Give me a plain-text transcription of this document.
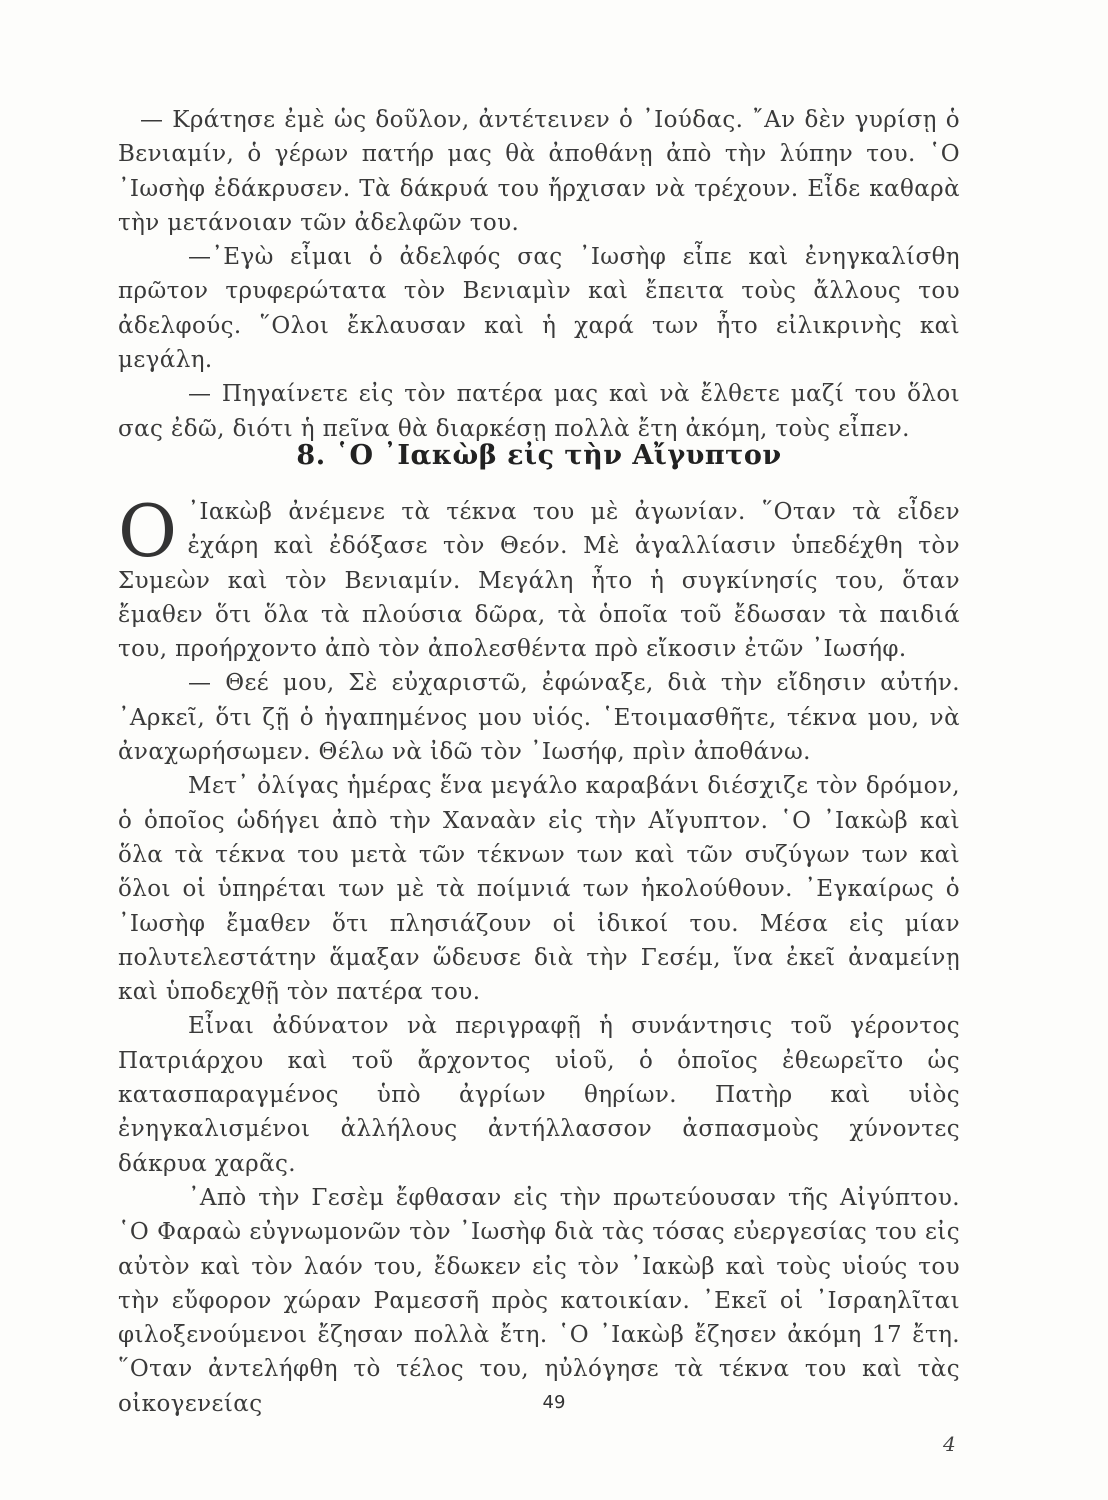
— Κράτησε ἐμὲ ὡς δοῦλον, ἀντέτεινεν ὁ ᾿Ιούδας. ῎Αν δὲν γυρίσῃ ὁ Βενιαμίν, ὁ γέρων πατήρ μας θὰ ἀποθάνῃ ἀπὸ τὴν λύπην του. ῾Ο ᾿Ιωσὴφ ἐδάκρυσεν. Τὰ δάκρυά του ἤρχισαν νὰ τρέχουν. Εἶδε καθαρὰ τὴν μετάνοιαν τῶν ἀδελφῶν του.

—᾿Εγὼ εἶμαι ὁ ἀδελφός σας ᾿Ιωσὴφ εἶπε καὶ ἐνηγκαλίσθη πρῶτον τρυφερώτατα τὸν Βενιαμὶν καὶ ἔπειτα τοὺς ἄλλους του ἀδελφούς. ῞Ολοι ἔκλαυσαν καὶ ἡ χαρά των ἦτο εἰλικρινὴς καὶ μεγάλη.

— Πηγαίνετε εἰς τὸν πατέρα μας καὶ νὰ ἔλθετε μαζί του ὅλοι σας ἐδῶ, διότι ἡ πεῖνα θὰ διαρκέσῃ πολλὰ ἔτη ἀκόμη, τοὺς εἶπεν.

8. ῾Ο ᾿Ιακὼβ εἰς τὴν Αἴγυπτον

Ο ᾿Ιακὼβ ἀνέμενε τὰ τέκνα του μὲ ἀγωνίαν. ῞Οταν τὰ εἶδεν ἐχάρη καὶ ἐδόξασε τὸν Θεόν. Μὲ ἀγαλλίασιν ὑπεδέχθη τὸν Συμεὼν καὶ τὸν Βενιαμίν. Μεγάλη ἦτο ἡ συγκίνησίς του, ὅταν ἔμαθεν ὅτι ὅλα τὰ πλούσια δῶρα, τὰ ὁποῖα τοῦ ἔδωσαν τὰ παιδιά του, προήρχοντο ἀπὸ τὸν ἀπολεσθέντα πρὸ εἴκοσιν ἐτῶν ᾿Ιωσήφ.

— Θεέ μου, Σὲ εὐχαριστῶ, ἐφώναξε, διὰ τὴν εἴδησιν αὐτήν. ᾿Αρκεῖ, ὅτι ζῇ ὁ ἠγαπημένος μου υἱός. ῾Ετοιμασθῆτε, τέκνα μου, νὰ ἀναχωρήσωμεν. Θέλω νὰ ἰδῶ τὸν ᾿Ιωσήφ, πρὶν ἀποθάνω.

Μετ᾿ ὀλίγας ἡμέρας ἕνα μεγάλο καραβάνι διέσχιζε τὸν δρόμον, ὁ ὁποῖος ὡδήγει ἀπὸ τὴν Χαναὰν εἰς τὴν Αἴγυπτον. ῾Ο ᾿Ιακὼβ καὶ ὅλα τὰ τέκνα του μετὰ τῶν τέκνων των καὶ τῶν συζύγων των καὶ ὅλοι οἱ ὑπηρέται των μὲ τὰ ποίμνιά των ἠκολούθουν. ᾿Εγκαίρως ὁ ᾿Ιωσὴφ ἔμαθεν ὅτι πλησιάζουν οἱ ἰδικοί του. Μέσα εἰς μίαν πολυτελεστάτην ἅμαξαν ὥδευσε διὰ τὴν Γεσέμ, ἵνα ἐκεῖ ἀναμείνῃ καὶ ὑποδεχθῇ τὸν πατέρα του.

Εἶναι ἀδύνατον νὰ περιγραφῇ ἡ συνάντησις τοῦ γέροντος Πατριάρχου καὶ τοῦ ἄρχοντος υἱοῦ, ὁ ὁποῖος ἐθεωρεῖτο ὡς κατασπαραγμένος ὑπὸ ἀγρίων θηρίων. Πατὴρ καὶ υἱὸς ἐνηγκαλισμένοι ἀλλήλους ἀντήλλασσον ἀσπασμοὺς χύνοντες δάκρυα χαρᾶς.

᾿Απὸ τὴν Γεσὲμ ἔφθασαν εἰς τὴν πρωτεύουσαν τῆς Αἰγύπτου. ῾Ο Φαραὼ εὐγνωμονῶν τὸν ᾿Ιωσὴφ διὰ τὰς τόσας εὐεργεσίας του εἰς αὐτὸν καὶ τὸν λαόν του, ἔδωκεν εἰς τὸν ᾿Ιακὼβ καὶ τοὺς υἱούς του τὴν εὔφορον χώραν Ραμεσσῆ πρὸς κατοικίαν. ᾿Εκεῖ οἱ ᾿Ισραηλῖται φιλοξενούμενοι ἔζησαν πολλὰ ἔτη. ῾Ο ᾿Ιακὼβ ἔζησεν ἀκόμη 17 ἔτη. ῞Οταν ἀντελήφθη τὸ τέλος του, ηὐλόγησε τὰ τέκνα του καὶ τὰς οἰκογενείας	49
4
